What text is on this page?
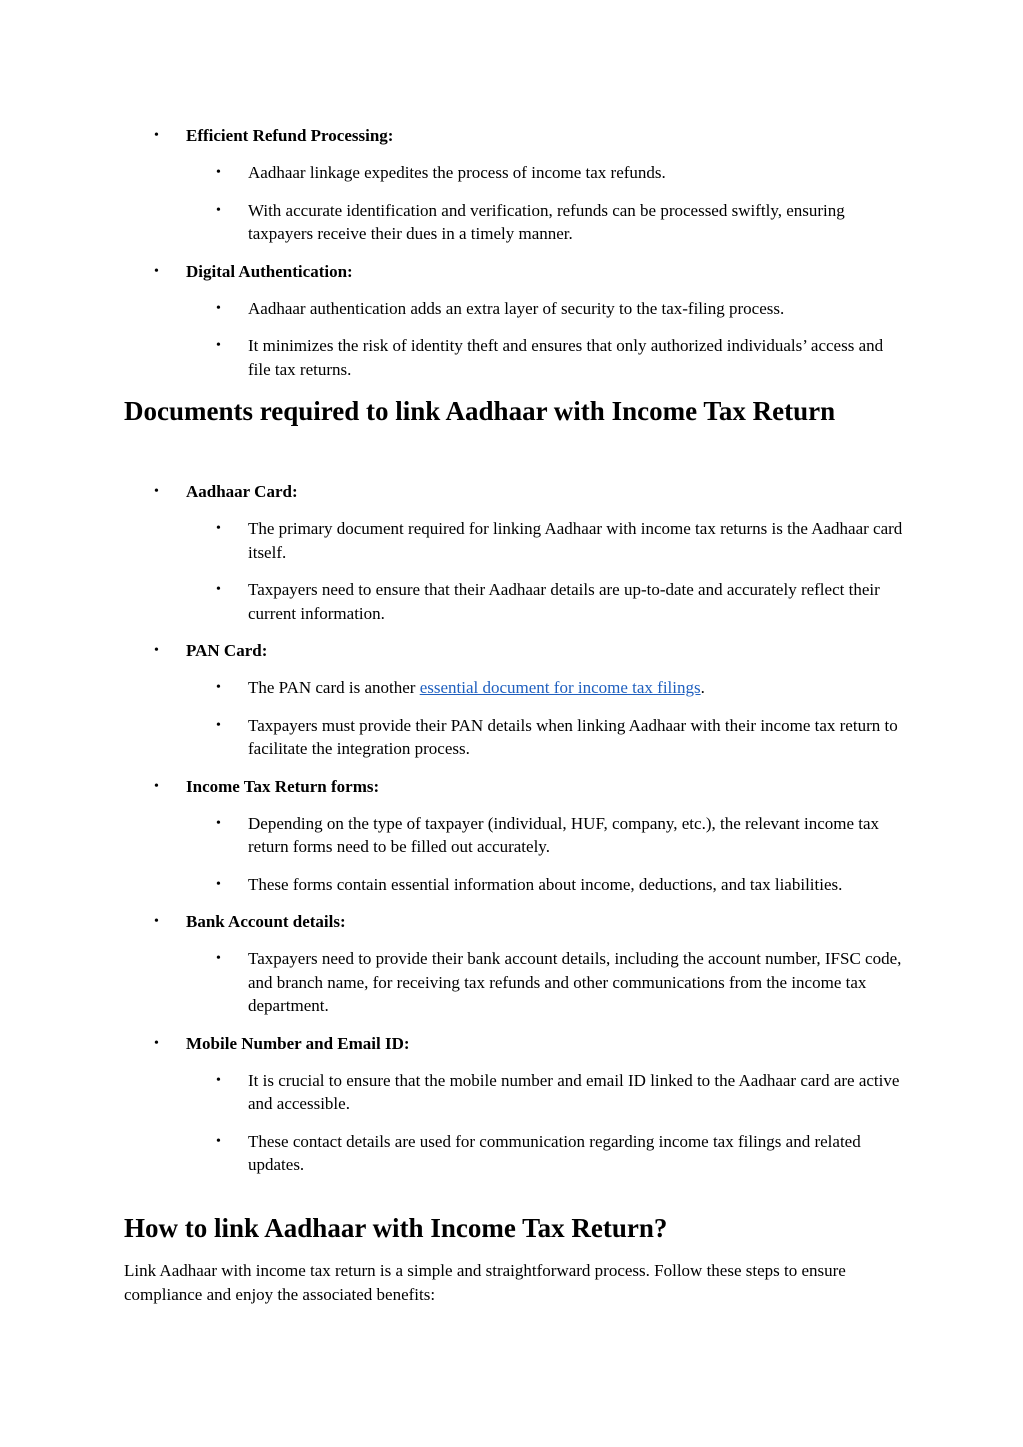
• Efficient Refund Processing:
• Aadhaar linkage expedites the process of income tax refunds.
• With accurate identification and verification, refunds can be processed swiftly, ensuring taxpayers receive their dues in a timely manner.
• Digital Authentication:
• Aadhaar authentication adds an extra layer of security to the tax-filing process.
• It minimizes the risk of identity theft and ensures that only authorized individuals’ access and file tax returns.
Documents required to link Aadhaar with Income Tax Return
• Aadhaar Card:
• The primary document required for linking Aadhaar with income tax returns is the Aadhaar card itself.
• Taxpayers need to ensure that their Aadhaar details are up-to-date and accurately reflect their current information.
• PAN Card:
• The PAN card is another essential document for income tax filings.
• Taxpayers must provide their PAN details when linking Aadhaar with their income tax return to facilitate the integration process.
• Income Tax Return forms:
• Depending on the type of taxpayer (individual, HUF, company, etc.), the relevant income tax return forms need to be filled out accurately.
• These forms contain essential information about income, deductions, and tax liabilities.
• Bank Account details:
• Taxpayers need to provide their bank account details, including the account number, IFSC code, and branch name, for receiving tax refunds and other communications from the income tax department.
• Mobile Number and Email ID:
• It is crucial to ensure that the mobile number and email ID linked to the Aadhaar card are active and accessible.
• These contact details are used for communication regarding income tax filings and related updates.
How to link Aadhaar with Income Tax Return?

Link Aadhaar with income tax return is a simple and straightforward process. Follow these steps to ensure compliance and enjoy the associated benefits:
